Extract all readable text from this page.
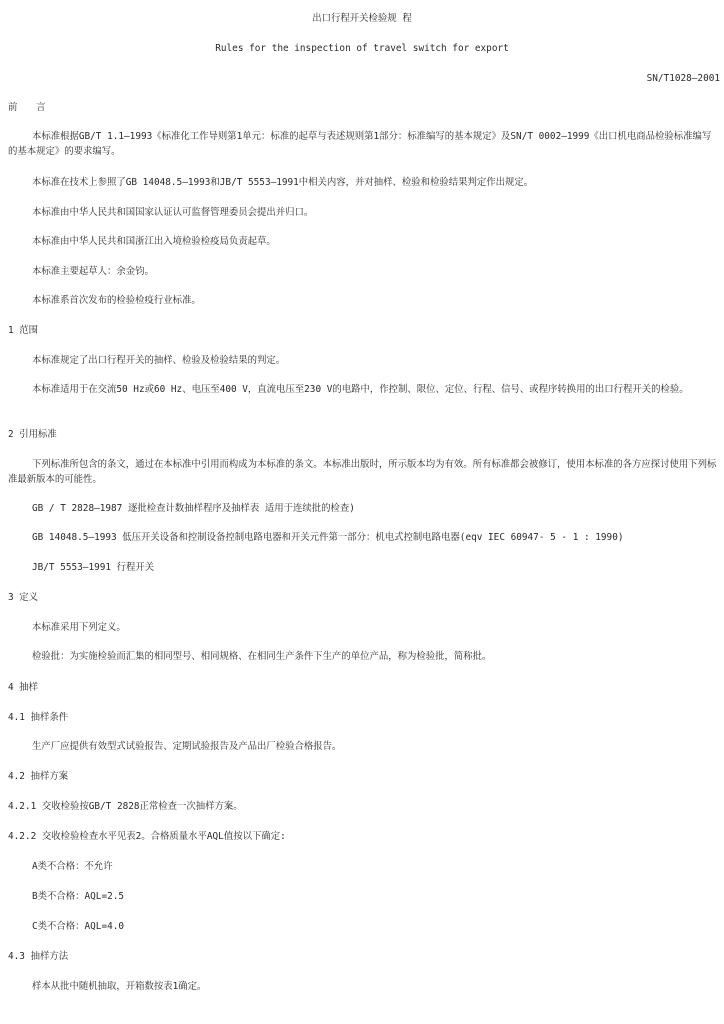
出口行程开关检验规 程
Rules for the inspection of travel switch for export
SN/T1028—2001
前　　言
本标准根据GB/T 1.1—1993《标准化工作导则第1单元：标准的起草与表述规则第1部分：标准编写的基本规定》及SN/T 0002—1999《出口机电商品检验标准编写的基本规定》的要求编写。
本标准在技术上参照了GB 14048.5—1993和JB/T 5553—1991中相关内容，并对抽样、检验和检验结果判定作出规定。
本标准由中华人民共和国国家认证认可监督管理委员会提出并归口。
本标准由中华人民共和国浙江出入境检验检疫局负责起草。
本标准主要起草人：余金钧。
本标准系首次发布的检验检疫行业标准。
1 范围
本标准规定了出口行程开关的抽样、检验及检验结果的判定。
本标准适用于在交流50 Hz或60 Hz、电压至400 V，直流电压至230 V的电路中，作控制、限位、定位、行程、信号、或程序转换用的出口行程开关的检验。
2 引用标准
下列标准所包含的条文，通过在本标准中引用而构成为本标准的条文。本标准出版时，所示版本均为有效。所有标准都会被修订，使用本标准的各方应探讨使用下列标准最新版本的可能性。
GB / T 2828—1987 逐批检查计数抽样程序及抽样表 适用于连续批的检查)
GB 14048.5—1993 低压开关设备和控制设备控制电路电器和开关元件第一部分：机电式控制电路电器(eqv IEC 60947- 5 - 1 : 1990)
JB/T 5553—1991 行程开关
3 定义
本标准采用下列定义。
检验批：为实施检验而汇集的相同型号、相同规格、在相同生产条件下生产的单位产品，称为检验批，简称批。
4 抽样
4.1 抽样条件
生产厂应提供有效型式试验报告、定期试验报告及产品出厂检验合格报告。
4.2 抽样方案
4.2.1 交收检验按GB/T 2828正常检查一次抽样方案。
4.2.2 交收检验检查水平见表2。合格质量水平AQL值按以下确定:
A类不合格：不允许
B类不合格：AQL=2.5
C类不合格：AQL=4.0
4.3 抽样方法
样本从批中随机抽取，开箱数按表1确定。
